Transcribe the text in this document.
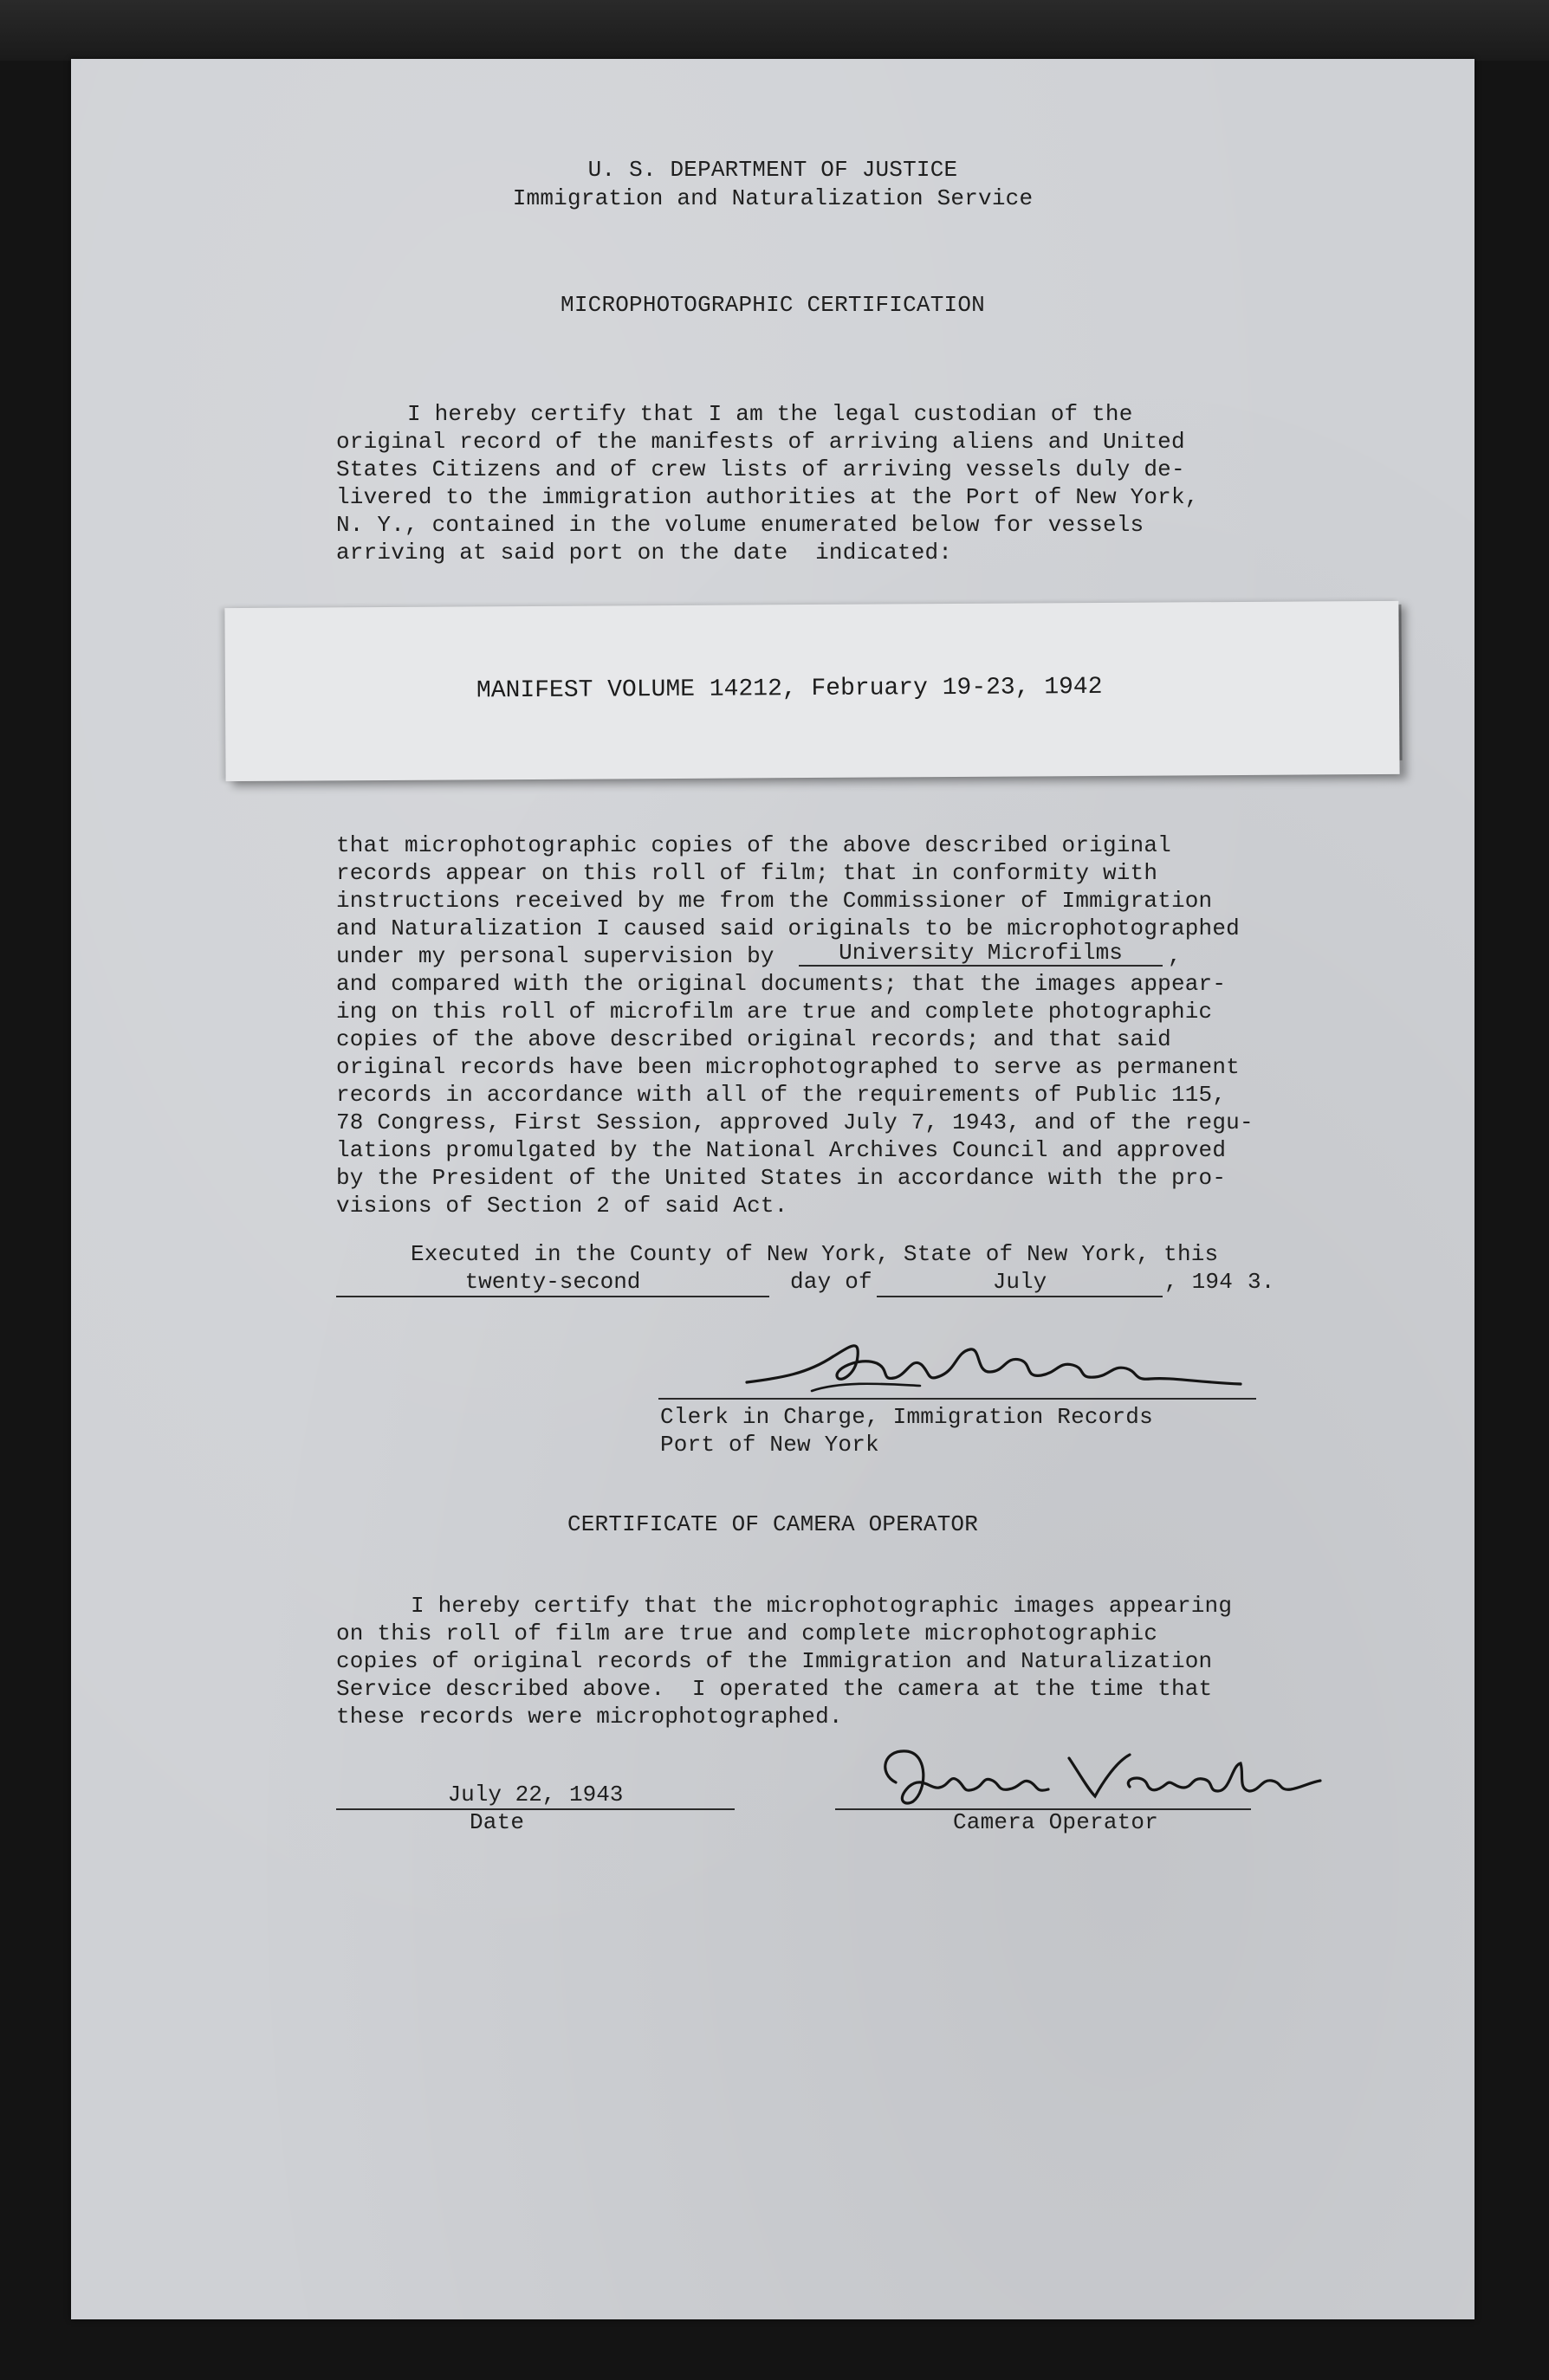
U. S. DEPARTMENT OF JUSTICE
Immigration and Naturalization Service
MICROPHOTOGRAPHIC CERTIFICATION
I hereby certify that I am the legal custodian of the
original record of the manifests of arriving aliens and United
States Citizens and of crew lists of arriving vessels duly de-
livered to the immigration authorities at the Port of New York,
N. Y., contained in the volume enumerated below for vessels
arriving at said port on the date  indicated:
MANIFEST VOLUME 14212, February 19-23, 1942
that microphotographic copies of the above described original
records appear on this roll of film; that in conformity with
instructions received by me from the Commissioner of Immigration
and Naturalization I caused said originals to be microphotographed
under my personal supervision by	University Microfilms	,
and compared with the original documents; that the images appear-
ing on this roll of microfilm are true and complete photographic
copies of the above described original records; and that said
original records have been microphotographed to serve as permanent
records in accordance with all of the requirements of Public 115,
78 Congress, First Session, approved July 7, 1943, and of the regu-
lations promulgated by the National Archives Council and approved
by the President of the United States in accordance with the pro-
visions of Section 2 of said Act.
Executed in the County of New York, State of New York, this
twenty-second	day of	July	, 194 3.
Clerk in Charge, Immigration Records
Port of New York
CERTIFICATE OF CAMERA OPERATOR
I hereby certify that the microphotographic images appearing
on this roll of film are true and complete microphotographic
copies of original records of the Immigration and Naturalization
Service described above.  I operated the camera at the time that
these records were microphotographed.
July 22, 1943
Date	Camera Operator
